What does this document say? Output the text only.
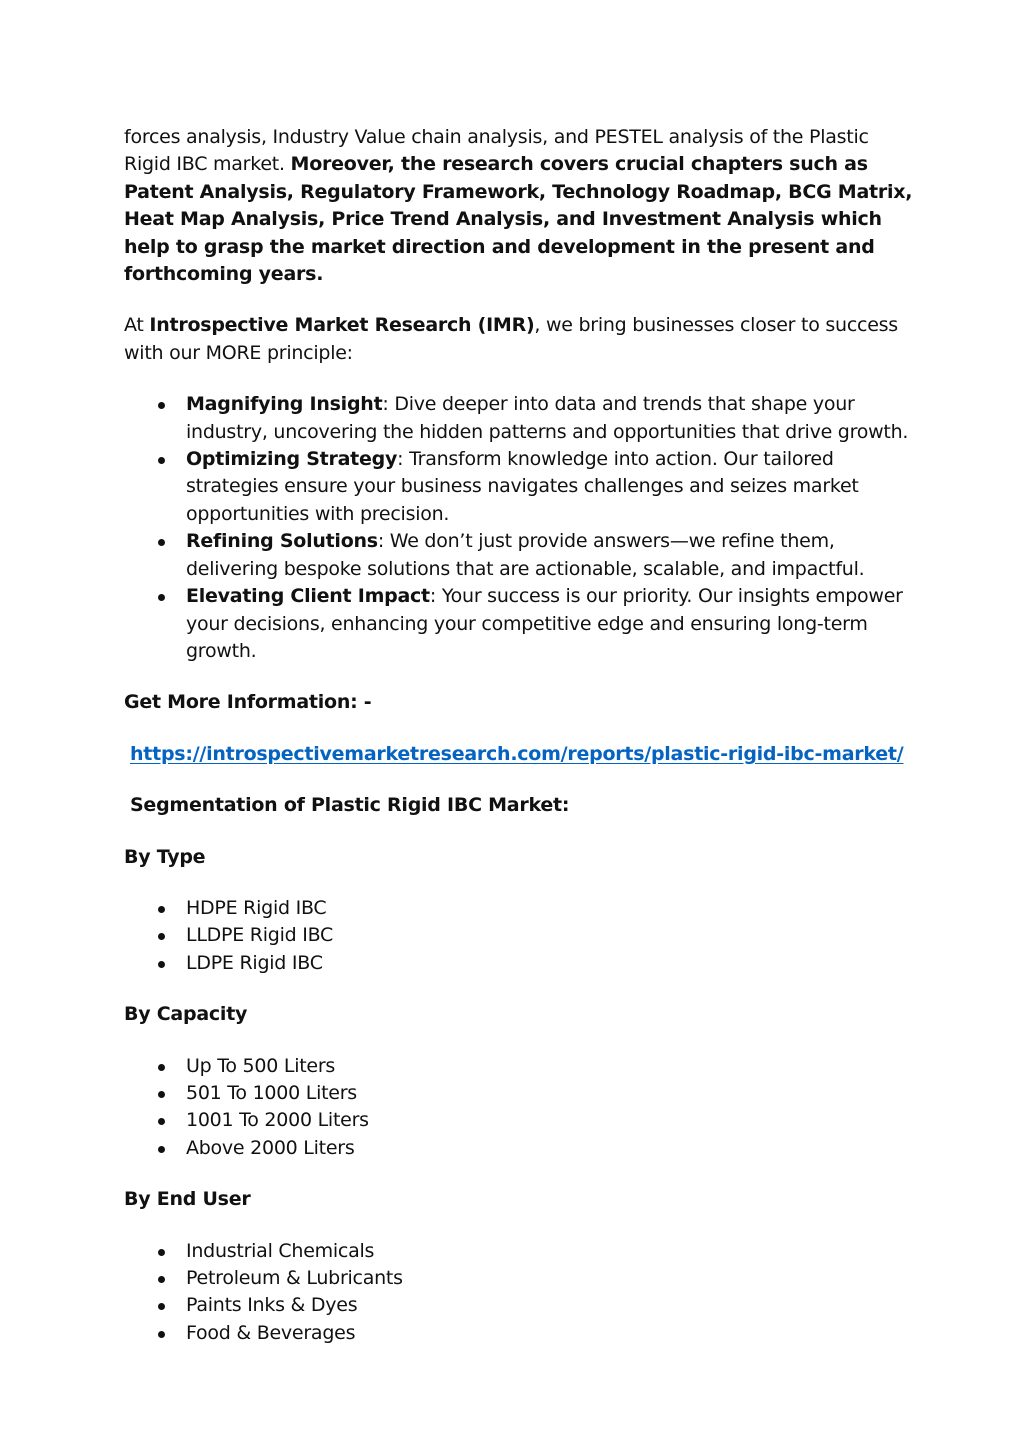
forces analysis, Industry Value chain analysis, and PESTEL analysis of the Plastic Rigid IBC market. Moreover, the research covers crucial chapters such as Patent Analysis, Regulatory Framework, Technology Roadmap, BCG Matrix, Heat Map Analysis, Price Trend Analysis, and Investment Analysis which help to grasp the market direction and development in the present and forthcoming years.

At Introspective Market Research (IMR), we bring businesses closer to success with our MORE principle:

Magnifying Insight: Dive deeper into data and trends that shape your industry, uncovering the hidden patterns and opportunities that drive growth.
Optimizing Strategy: Transform knowledge into action. Our tailored strategies ensure your business navigates challenges and seizes market opportunities with precision.
Refining Solutions: We don’t just provide answers—we refine them, delivering bespoke solutions that are actionable, scalable, and impactful.
Elevating Client Impact: Your success is our priority. Our insights empower your decisions, enhancing your competitive edge and ensuring long-term growth.

Get More Information: -

https://introspectivemarketresearch.com/reports/plastic-rigid-ibc-market/

Segmentation of Plastic Rigid IBC Market:

By Type

HDPE Rigid IBC
LLDPE Rigid IBC
LDPE Rigid IBC

By Capacity

Up To 500 Liters
501 To 1000 Liters
1001 To 2000 Liters
Above 2000 Liters

By End User

Industrial Chemicals
Petroleum & Lubricants
Paints Inks & Dyes
Food & Beverages
